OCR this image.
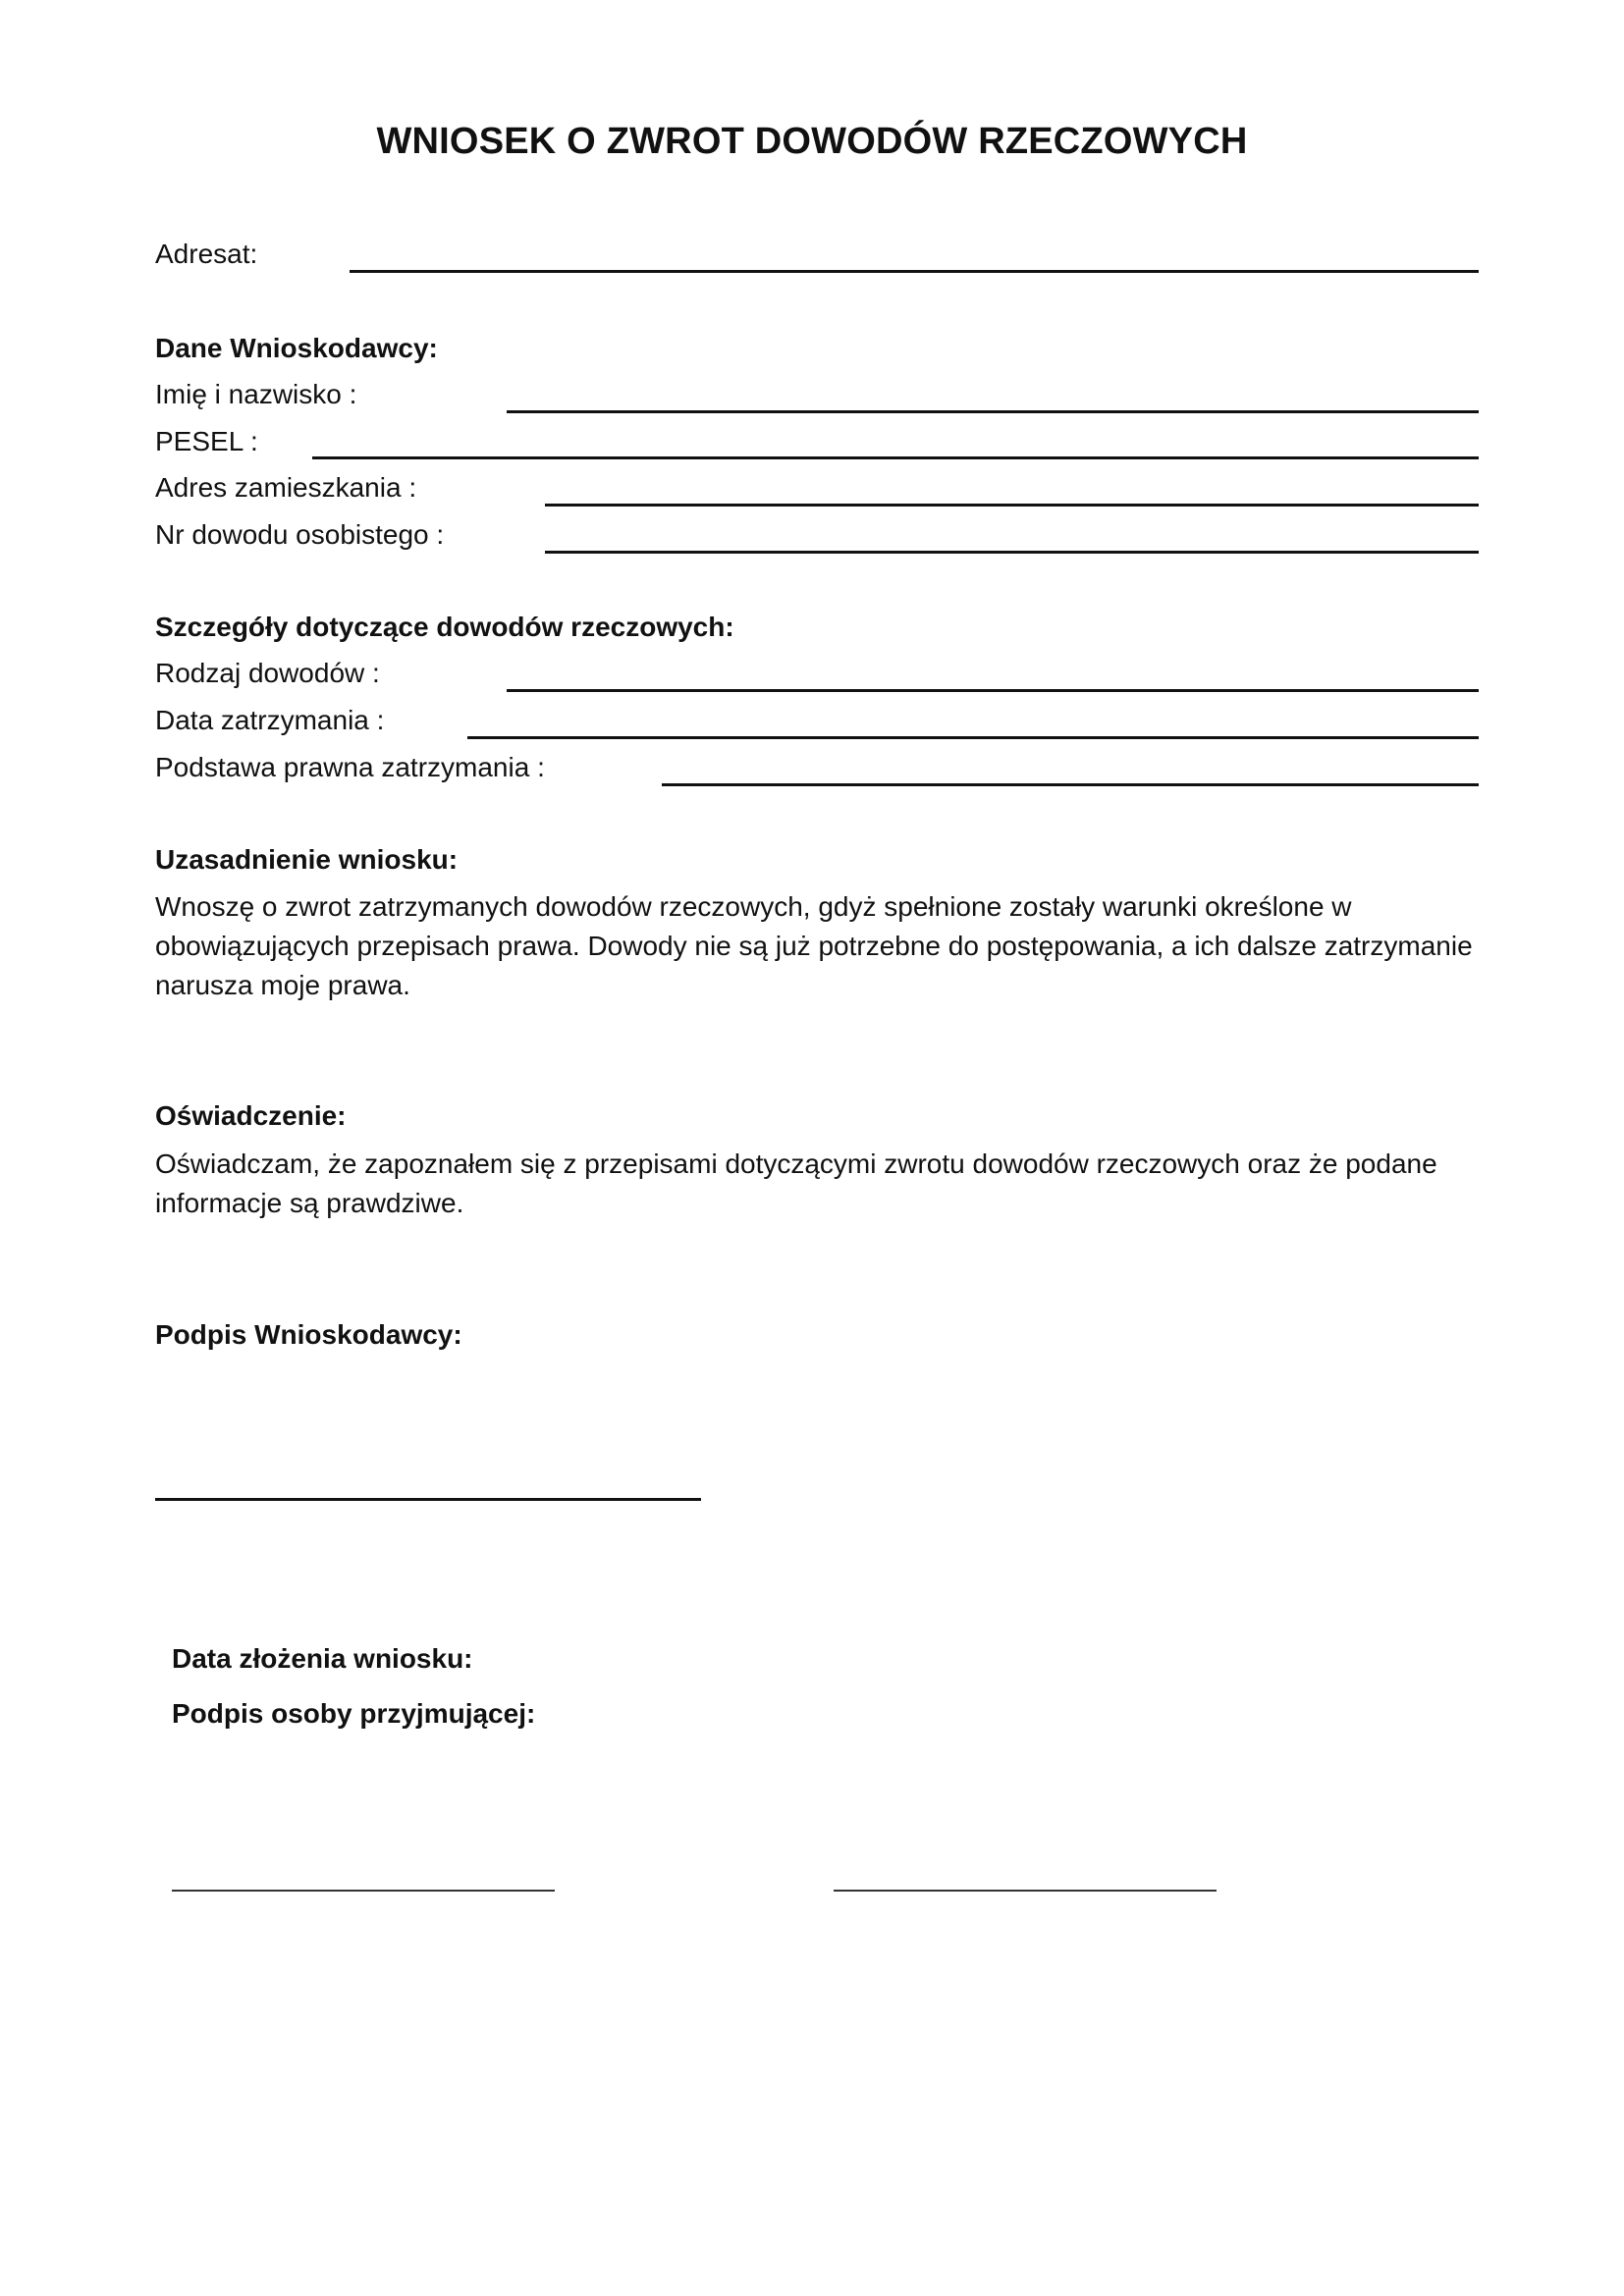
WNIOSEK O ZWROT DOWODÓW RZECZOWYCH
Adresat:
Dane Wnioskodawcy:
Imię i nazwisko :
PESEL :
Adres zamieszkania :
Nr dowodu osobistego :
Szczegóły dotyczące dowodów rzeczowych:
Rodzaj dowodów :
Data zatrzymania :
Podstawa prawna zatrzymania :
Uzasadnienie wniosku:
Wnoszę o zwrot zatrzymanych dowodów rzeczowych, gdyż spełnione zostały warunki określone w obowiązujących przepisach prawa. Dowody nie są już potrzebne do postępowania, a ich dalsze zatrzymanie narusza moje prawa.
Oświadczenie:
Oświadczam, że zapoznałem się z przepisami dotyczącymi zwrotu dowodów rzeczowych oraz że podane informacje są prawdziwe.
Podpis Wnioskodawcy:
Data złożenia wniosku:
Podpis osoby przyjmującej:
